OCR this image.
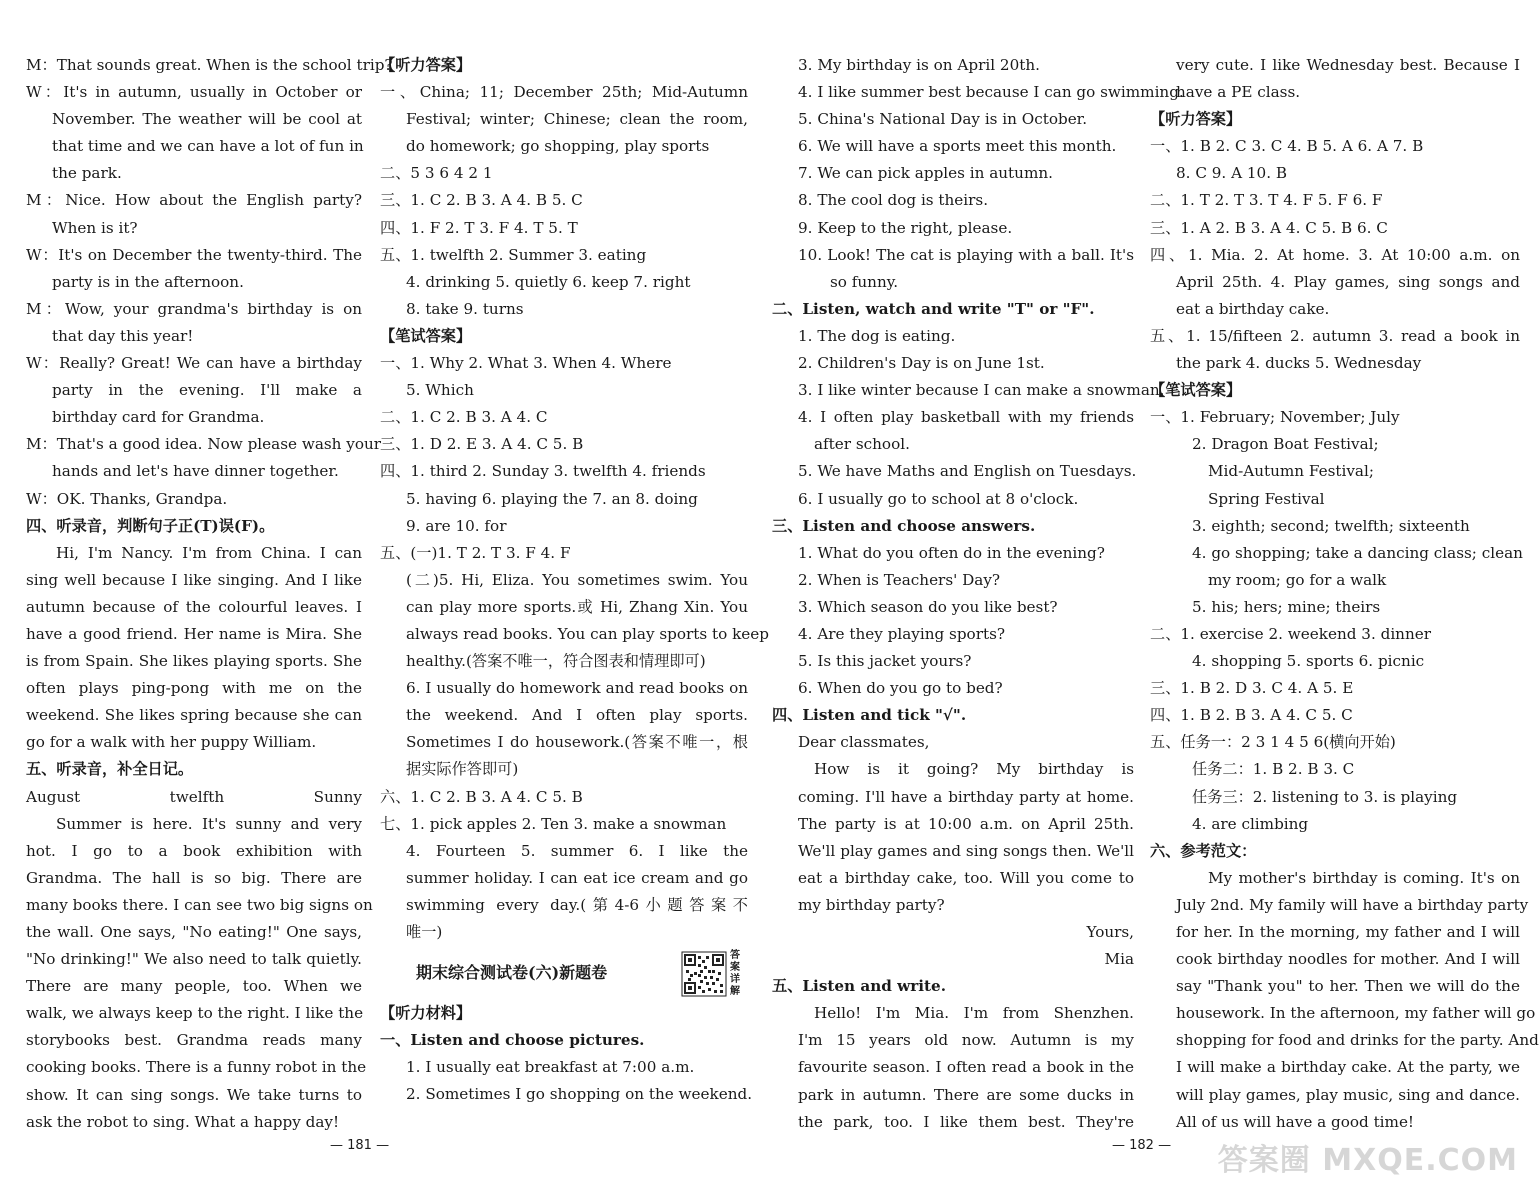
M：That sounds great. When is the school trip?
W：It's in autumn, usually in October or
November. The weather will be cool at
that time and we can have a lot of fun in
the park.
M：Nice. How about the English party?
When is it?
W：It's on December the twenty-third. The
party is in the afternoon.
M：Wow, your grandma's birthday is on
that day this year!
W：Really? Great! We can have a birthday
party in the evening. I'll make a
birthday card for Grandma.
M：That's a good idea. Now please wash your
hands and let's have dinner together.
W：OK. Thanks, Grandpa.
四、听录音，判断句子正(T)误(F)。
Hi, I'm Nancy. I'm from China. I can
sing well because I like singing. And I like
autumn because of the colourful leaves. I
have a good friend. Her name is Mira. She
is from Spain. She likes playing sports. She
often plays ping-pong with me on the
weekend. She likes spring because she can
go for a walk with her puppy William.
五、听录音，补全日记。
August twelfth Sunny
Summer is here. It's sunny and very
hot. I go to a book exhibition with
Grandma. The hall is so big. There are
many books there. I can see two big signs on
the wall. One says, "No eating!" One says,
"No drinking!" We also need to talk quietly.
There are many people, too. When we
walk, we always keep to the right. I like the
storybooks best. Grandma reads many
cooking books. There is a funny robot in the
show. It can sing songs. We take turns to
ask the robot to sing. What a happy day!
【听力答案】
一、China; 11; December 25th; Mid-Autumn
Festival; winter; Chinese; clean the room,
do homework; go shopping, play sports
二、5 3 6 4 2 1
三、1. C 2. B 3. A 4. B 5. C
四、1. F 2. T 3. F 4. T 5. T
五、1. twelfth 2. Summer 3. eating
4. drinking 5. quietly 6. keep 7. right
8. take 9. turns
【笔试答案】
一、1. Why 2. What 3. When 4. Where
5. Which
二、1. C 2. B 3. A 4. C
三、1. D 2. E 3. A 4. C 5. B
四、1. third 2. Sunday 3. twelfth 4. friends
5. having 6. playing the 7. an 8. doing
9. are 10. for
五、(一)1. T 2. T 3. F 4. F
(二)5. Hi, Eliza. You sometimes swim. You
can play more sports.或 Hi, Zhang Xin. You
always read books. You can play sports to keep
healthy.(答案不唯一，符合图表和情理即可)
6. I usually do homework and read books on
the weekend. And I often play sports.
Sometimes I do housework.(答案不唯一，根
据实际作答即可)
六、1. C 2. B 3. A 4. C 5. B
七、1. pick apples 2. Ten 3. make a snowman
4. Fourteen 5. summer 6. I like the
summer holiday. I can eat ice cream and go
swimming every day.(第4-6小题答案不
唯一)
期末综合测试卷(六)新题卷
答案详解
【听力材料】
一、Listen and choose pictures.
1. I usually eat breakfast at 7:00 a.m.
2. Sometimes I go shopping on the weekend.
3. My birthday is on April 20th.
4. I like summer best because I can go swimming.
5. China's National Day is in October.
6. We will have a sports meet this month.
7. We can pick apples in autumn.
8. The cool dog is theirs.
9. Keep to the right, please.
10. Look! The cat is playing with a ball. It's
so funny.
二、Listen, watch and write "T" or "F".
1. The dog is eating.
2. Children's Day is on June 1st.
3. I like winter because I can make a snowman.
4. I often play basketball with my friends
after school.
5. We have Maths and English on Tuesdays.
6. I usually go to school at 8 o'clock.
三、Listen and choose answers.
1. What do you often do in the evening?
2. When is Teachers' Day?
3. Which season do you like best?
4. Are they playing sports?
5. Is this jacket yours?
6. When do you go to bed?
四、Listen and tick "√".
Dear classmates,
How is it going? My birthday is
coming. I'll have a birthday party at home.
The party is at 10:00 a.m. on April 25th.
We'll play games and sing songs then. We'll
eat a birthday cake, too. Will you come to
my birthday party?
Yours,
Mia
五、Listen and write.
Hello! I'm Mia. I'm from Shenzhen.
I'm 15 years old now. Autumn is my
favourite season. I often read a book in the
park in autumn. There are some ducks in
the park, too. I like them best. They're
very cute. I like Wednesday best. Because I
have a PE class.
【听力答案】
一、1. B 2. C 3. C 4. B 5. A 6. A 7. B
8. C 9. A 10. B
二、1. T 2. T 3. T 4. F 5. F 6. F
三、1. A 2. B 3. A 4. C 5. B 6. C
四、1. Mia. 2. At home. 3. At 10:00 a.m. on
April 25th. 4. Play games, sing songs and
eat a birthday cake.
五、1. 15/fifteen 2. autumn 3. read a book in
the park 4. ducks 5. Wednesday
【笔试答案】
一、1. February; November; July
2. Dragon Boat Festival;
Mid-Autumn Festival;
Spring Festival
3. eighth; second; twelfth; sixteenth
4. go shopping; take a dancing class; clean
my room; go for a walk
5. his; hers; mine; theirs
二、1. exercise 2. weekend 3. dinner
4. shopping 5. sports 6. picnic
三、1. B 2. D 3. C 4. A 5. E
四、1. B 2. B 3. A 4. C 5. C
五、任务一：2 3 1 4 5 6(横向开始)
任务二：1. B 2. B 3. C
任务三：2. listening to 3. is playing
4. are climbing
六、参考范文：
My mother's birthday is coming. It's on
July 2nd. My family will have a birthday party
for her. In the morning, my father and I will
cook birthday noodles for mother. And I will
say "Thank you" to her. Then we will do the
housework. In the afternoon, my father will go
shopping for food and drinks for the party. And
I will make a birthday cake. At the party, we
will play games, play music, sing and dance.
All of us will have a good time!
— 181 —	— 182 — 答案圈 MXQE.COM
